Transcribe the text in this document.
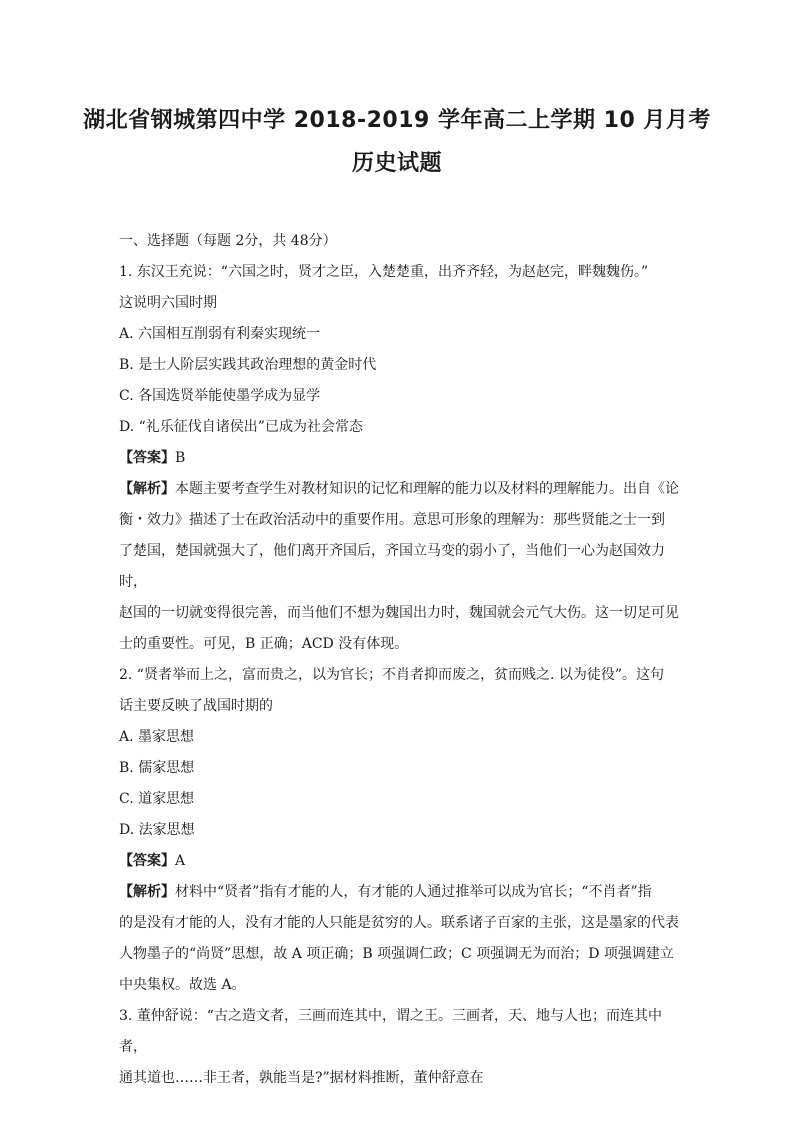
湖北省钢城第四中学 2018-2019 学年高二上学期 10 月月考
历史试题

一、选择题（每题 2分，共 48分）

1. 东汉王充说：“六国之时，贤才之臣，入楚楚重，出齐齐轻，为赵赵完，畔魏魏伤。”

这说明六国时期

A. 六国相互削弱有利秦实现统一

B. 是士人阶层实践其政治理想的黄金时代

C. 各国选贤举能使墨学成为显学

D. “礼乐征伐自诸侯出”已成为社会常态

【答案】B

【解析】本题主要考查学生对教材知识的记忆和理解的能力以及材料的理解能力。出自《论

衡・效力》描述了士在政治活动中的重要作用。意思可形象的理解为：那些贤能之士一到

了楚国，楚国就强大了，他们离开齐国后，齐国立马变的弱小了，当他们一心为赵国效力时，

赵国的一切就变得很完善，而当他们不想为魏国出力时，魏国就会元气大伤。这一切足可见

士的重要性。可见，B 正确；ACD 没有体现。

2. “贤者举而上之，富而贵之，以为官长；不肖者抑而废之，贫而贱之. 以为徒役”。这句

话主要反映了战国时期的

A. 墨家思想

B. 儒家思想

C. 道家思想

D. 法家思想

【答案】A

【解析】材料中“贤者”指有才能的人，有才能的人通过推举可以成为官长；“不肖者”指

的是没有才能的人，没有才能的人只能是贫穷的人。联系诸子百家的主张，这是墨家的代表

人物墨子的“尚贤”思想，故 A 项正确；B 项强调仁政；C 项强调无为而治；D 项强调建立

中央集权。故选 A。

3. 董仲舒说：“古之造文者，三画而连其中，谓之王。三画者，天、地与人也；而连其中者，

通其道也……非王者，孰能当是?”据材料推断，董仲舒意在
